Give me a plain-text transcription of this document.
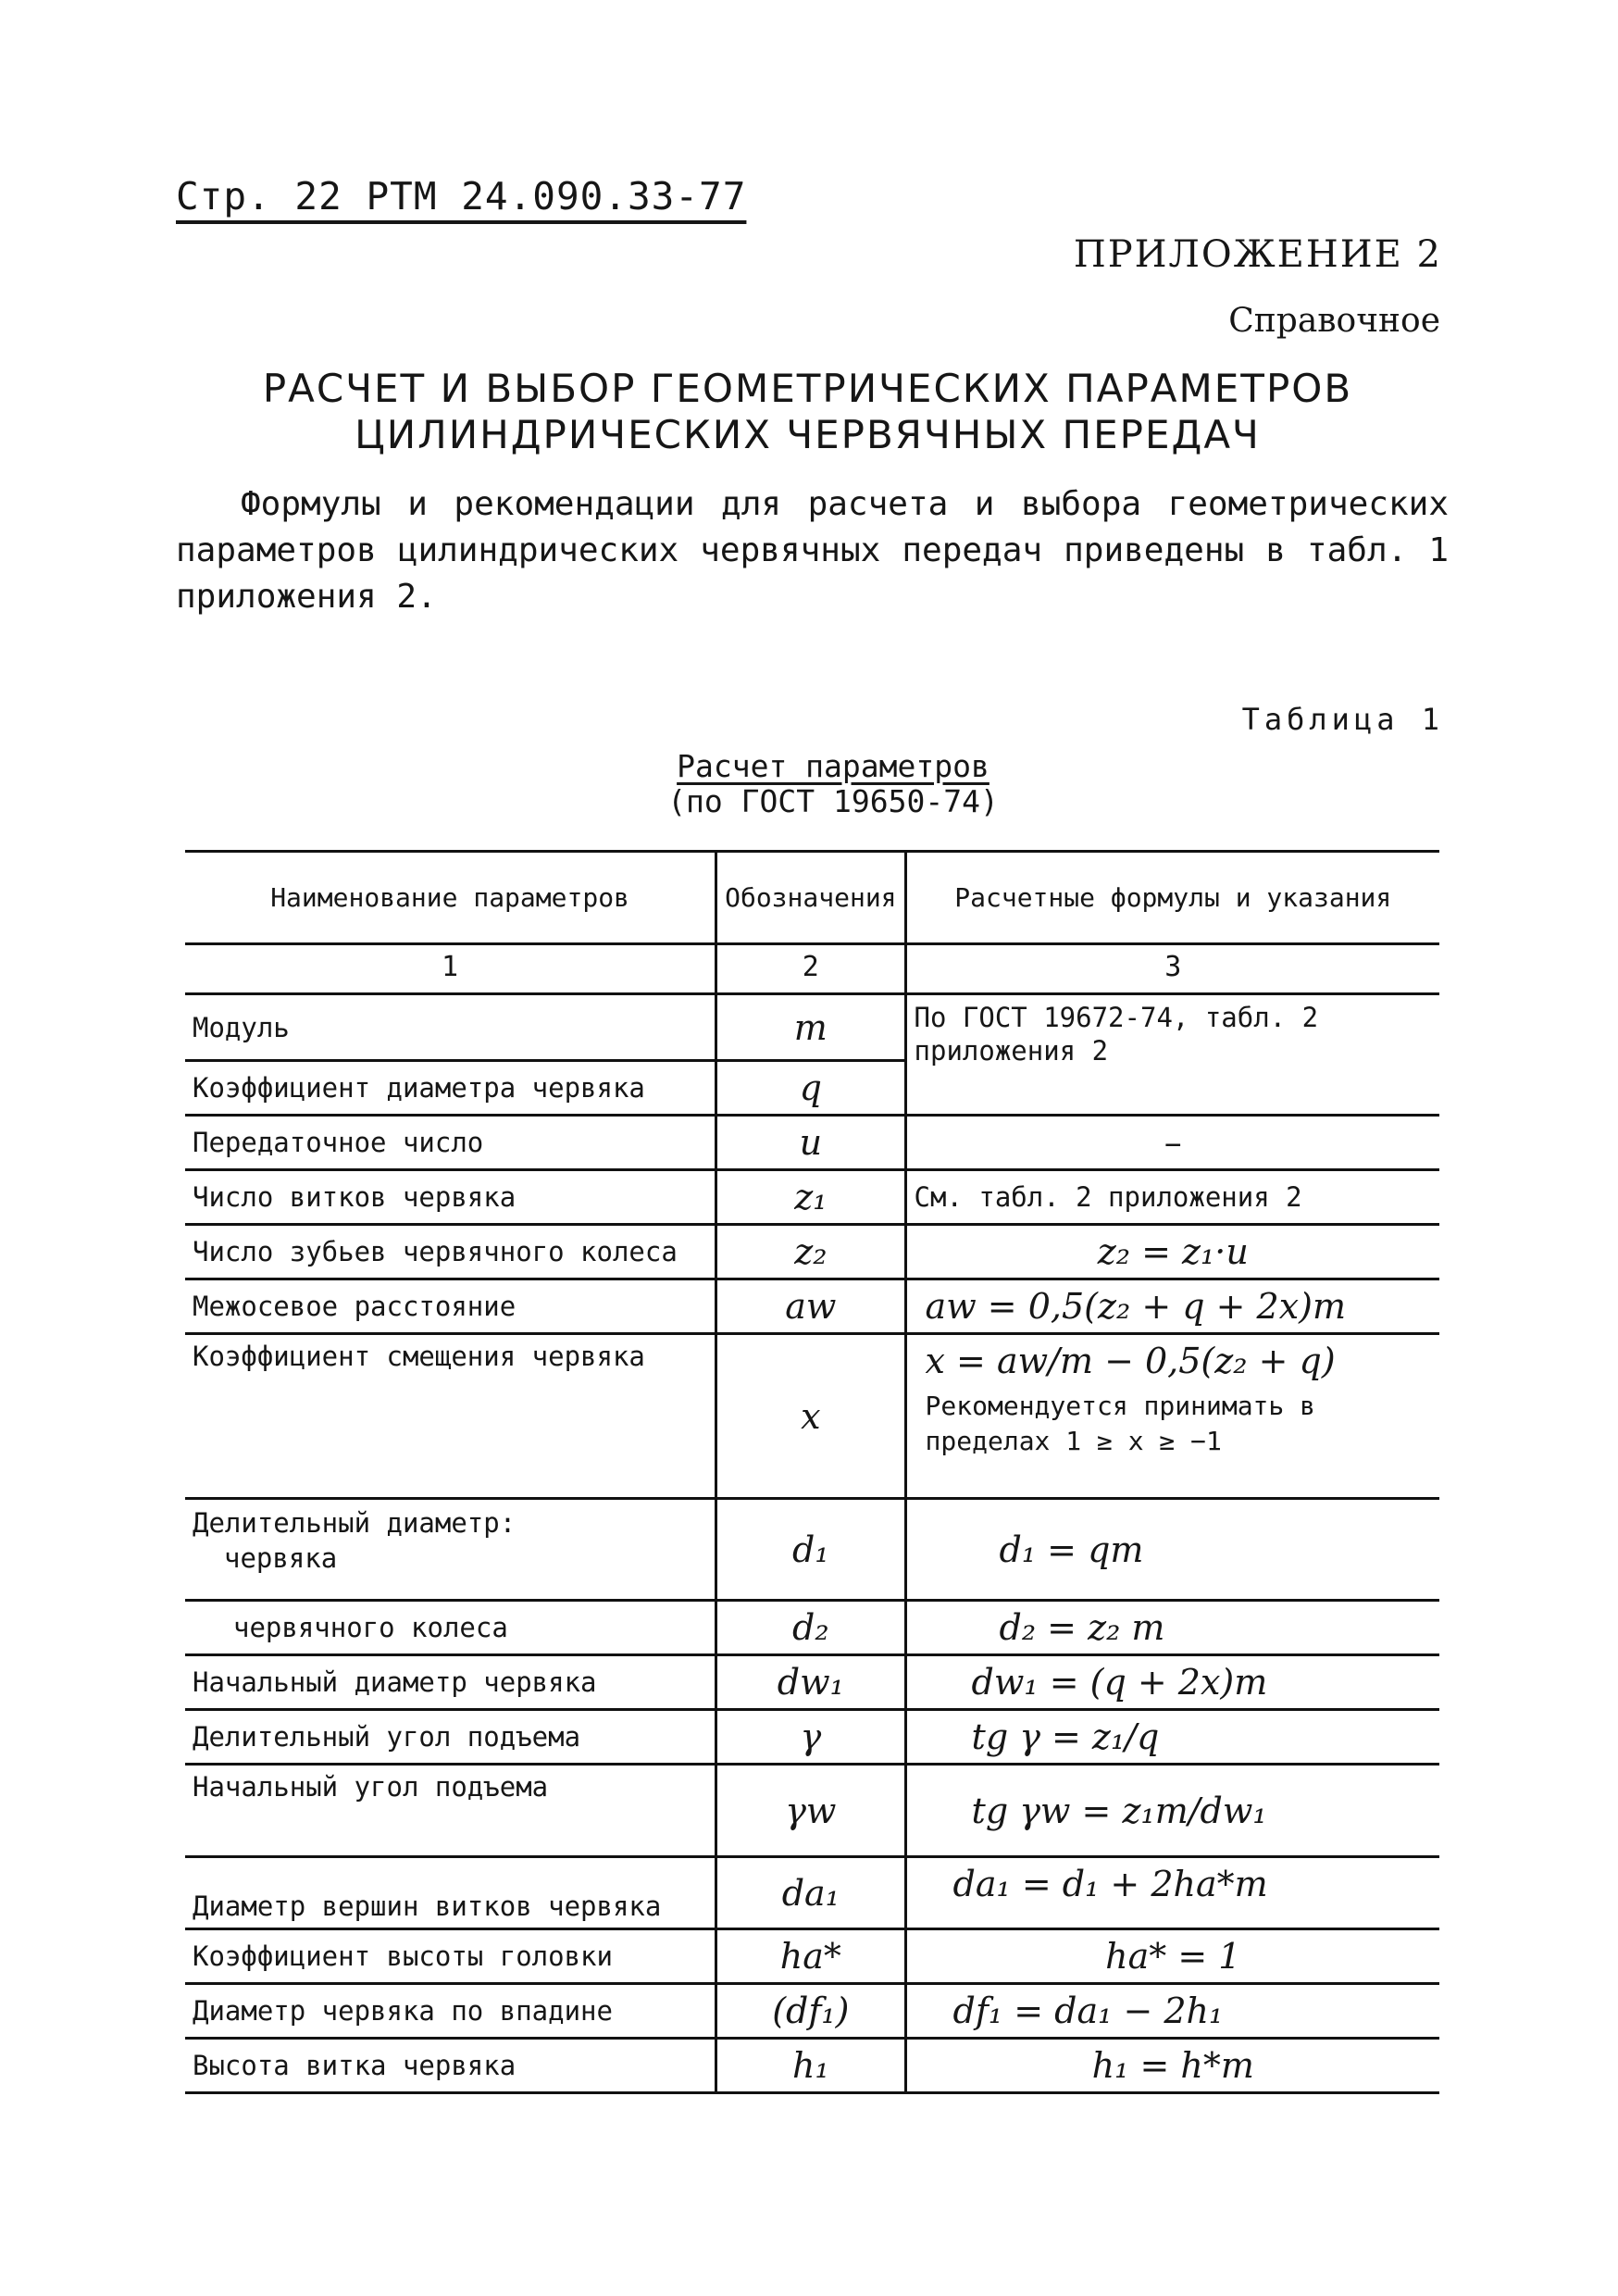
Стр. 22 РТМ 24.090.33-77
ПРИЛОЖЕНИЕ 2
Справочное
РАСЧЕТ И ВЫБОР ГЕОМЕТРИЧЕСКИХ ПАРАМЕТРОВ
ЦИЛИНДРИЧЕСКИХ ЧЕРВЯЧНЫХ ПЕРЕДАЧ

Формулы и рекомендации для расчета и выбора геометрических параметров цилиндрических червячных передач приведены в табл. 1 приложения 2.

Таблица 1
Расчет параметров
(по ГОСТ 19650-74)
Наименование параметров	Обозначения	Расчетные формулы и указания
1	2	3
Модуль	m	По ГОСТ 19672-74, табл. 2 приложения 2
Коэффициент диаметра червяка	q	
Передаточное число	u	–
Число витков червяка	z₁	См. табл. 2 приложения 2
Число зубьев червячного колеса	z₂	z₂ = z₁·u
Межосевое расстояние	aw	aw = 0,5(z₂ + q + 2x)m
Коэффициент смещения червяка	x	x = aw/m − 0,5(z₂ + q)
Рекомендуется принимать в пределах 1 ≥ x ≥ −1

Делительный диаметр:
червяка	d₁	d₁ = qm
червячного колеса	d₂	d₂ = z₂ m
Начальный диаметр червяка	dw₁	dw₁ = (q + 2x)m
Делительный угол подъема	γ	tg γ = z₁/q
Начальный угол подъема	γw	tg γw = z₁m/dw₁
Диаметр вершин витков червяка	da₁	da₁ = d₁ + 2ha*m
Коэффициент высоты головки	ha*	ha* = 1
Диаметр червяка по впадине	(df₁)	df₁ = da₁ − 2h₁
Высота витка червяка	h₁	h₁ = h*m
